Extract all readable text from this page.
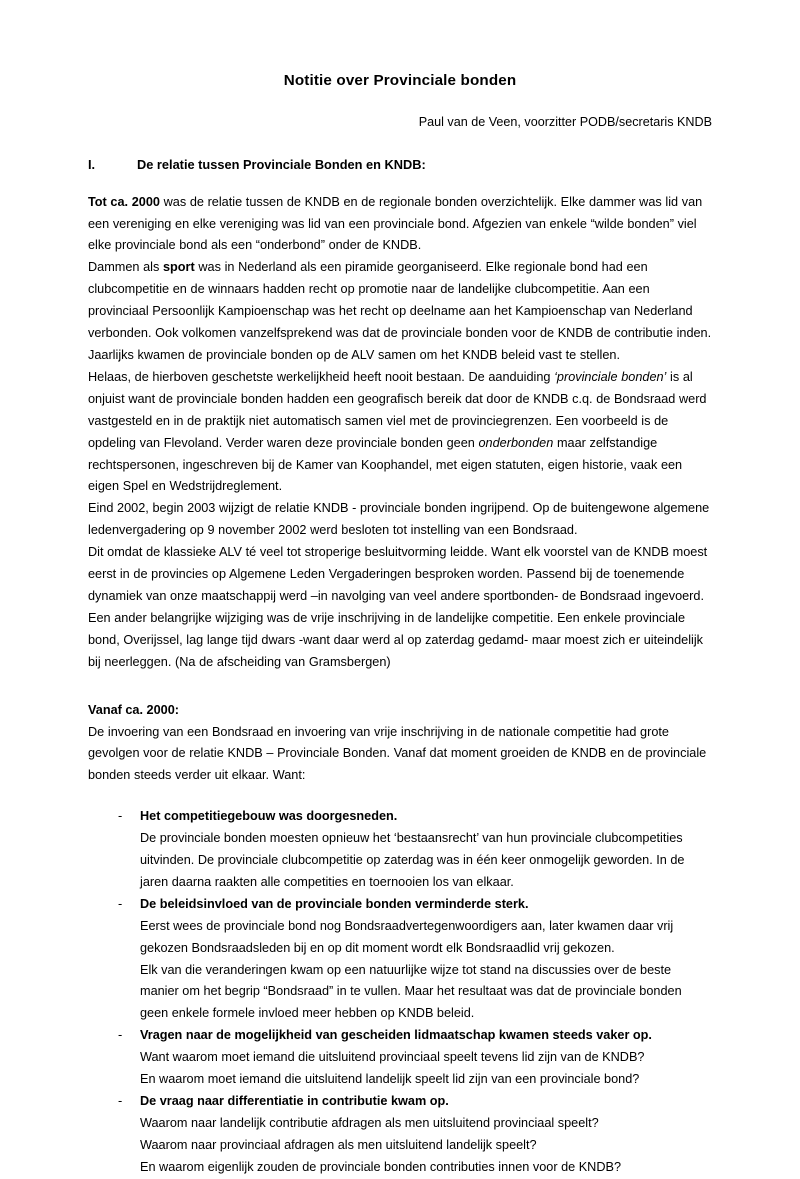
Notitie over Provinciale bonden

Paul van de Veen, voorzitter PODB/secretaris KNDB

I.	De relatie tussen Provinciale Bonden en KNDB:

Tot ca. 2000 was de relatie tussen de KNDB en de regionale bonden overzichtelijk. Elke dammer was lid van een vereniging en elke vereniging was lid van een provinciale bond. Afgezien van enkele “wilde bonden” viel elke provinciale bond als een “onderbond” onder de KNDB.

Dammen als sport was in Nederland als een piramide georganiseerd. Elke regionale bond had een clubcompetitie en de winnaars hadden recht op promotie naar de landelijke clubcompetitie. Aan een provinciaal Persoonlijk Kampioenschap was het recht op deelname aan het Kampioenschap van Nederland verbonden. Ook volkomen vanzelfsprekend was dat de provinciale bonden voor de KNDB de contributie inden. Jaarlijks kwamen de provinciale bonden op de ALV samen om het KNDB beleid vast te stellen.

Helaas, de hierboven geschetste werkelijkheid heeft nooit bestaan. De aanduiding ‘provinciale bonden’ is al onjuist want de provinciale bonden hadden een geografisch bereik dat door de KNDB c.q. de Bondsraad werd vastgesteld en in de praktijk niet automatisch samen viel met de provinciegrenzen. Een voorbeeld is de opdeling van Flevoland. Verder waren deze provinciale bonden geen onderbonden maar zelfstandige rechtspersonen, ingeschreven bij de Kamer van Koophandel, met eigen statuten, eigen historie, vaak een eigen Spel en Wedstrijdreglement.

Eind 2002, begin 2003 wijzigt de relatie KNDB - provinciale bonden ingrijpend. Op de buitengewone algemene ledenvergadering op 9 november 2002 werd besloten tot instelling van een Bondsraad.

Dit omdat de klassieke ALV té veel tot stroperige besluitvorming leidde. Want elk voorstel van de KNDB moest eerst in de provincies op Algemene Leden Vergaderingen besproken worden. Passend bij de toenemende dynamiek van onze maatschappij werd –in navolging van veel andere sportbonden- de Bondsraad ingevoerd. Een ander belangrijke wijziging was de vrije inschrijving in de landelijke competitie. Een enkele provinciale bond, Overijssel, lag lange tijd dwars -want daar werd al op zaterdag gedamd- maar moest zich er uiteindelijk bij neerleggen. (Na de afscheiding van Gramsbergen)

Vanaf ca. 2000:

De invoering van een Bondsraad en invoering van vrije inschrijving in de nationale competitie had grote gevolgen voor de relatie KNDB – Provinciale Bonden. Vanaf dat moment groeiden de KNDB en de provinciale bonden steeds verder uit elkaar. Want:

-	Het competitiegebouw was doorgesneden.

De provinciale bonden moesten opnieuw het ‘bestaansrecht’ van hun provinciale clubcompetities uitvinden. De provinciale clubcompetitie op zaterdag was in één keer onmogelijk geworden. In de jaren daarna raakten alle competities en toernooien los van elkaar.

-	De beleidsinvloed van de provinciale bonden verminderde sterk.

Eerst wees de provinciale bond nog Bondsraadvertegenwoordigers aan, later kwamen daar vrij gekozen Bondsraadsleden bij en op dit moment wordt elk Bondsraadlid vrij gekozen.

Elk van die veranderingen kwam op een natuurlijke wijze tot stand na discussies over de beste manier om het begrip “Bondsraad” in te vullen. Maar het resultaat was dat de provinciale bonden geen enkele formele invloed meer hebben op KNDB beleid.

-	Vragen naar de mogelijkheid van gescheiden lidmaatschap kwamen steeds vaker op.

Want waarom moet iemand die uitsluitend provinciaal speelt tevens lid zijn van de KNDB?

En waarom moet iemand die uitsluitend landelijk speelt lid zijn van een provinciale bond?

-	De vraag naar differentiatie in contributie kwam op.

Waarom naar landelijk contributie afdragen als men uitsluitend provinciaal speelt?

Waarom naar provinciaal afdragen als men uitsluitend landelijk speelt?

En waarom eigenlijk zouden de provinciale bonden contributies innen voor de KNDB?
